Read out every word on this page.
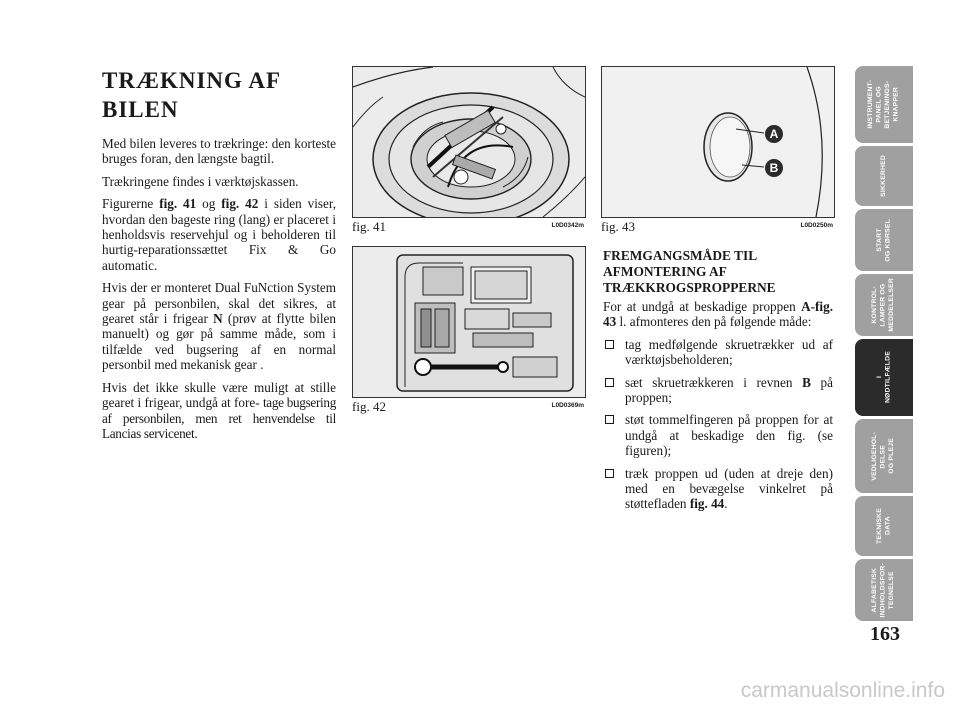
TRÆKNING AF
BILEN

Med bilen leveres to trækringe: den korteste bruges foran, den længste bagtil.

Trækringene findes i værktøjskassen.

Figurerne fig. 41 og fig. 42 i siden viser, hvordan den bageste ring (lang) er placeret i henholdsvis reservehjul og i beholderen til hurtig-reparationssættet Fix & Go automatic.

Hvis der er monteret Dual FuNction System gear på personbilen, skal det sikres, at gearet står i frigear N (prøv at flytte bilen manuelt) og gør på samme måde, som i tilfælde ved bugsering af en normal personbil med mekanisk gear .

Hvis det ikke skulle være muligt at stille gearet i frigear, undgå at fore- tage bugsering af personbilen, men ret henvendelse til Lancias servicenet.

fig. 41	L0D0342m
fig. 42	L0D0369m
A
B
fig. 43	L0D0250m
FREMGANGSMÅDE TIL
AFMONTERING AF
TRÆKKROGSPROPPERNE

For at undgå at beskadige proppen A-fig. 43 l. afmonteres den på følgende måde:

tag medfølgende skruetrækker ud af værktøjsbeholderen;
sæt skruetrækkeren i revnen B på proppen;
støt tommelfingeren på proppen for at undgå at beskadige den fig. (se figuren);
træk proppen ud (uden at dreje den) med en bevægelse vinkelret på støttefladen fig. 44.
INSTRUMENT-
PANEL OG
BETJENINGS-
KNAPPER
SIKKERHED
START
OG KØRSEL
KONTROL-
LAMPER OG
MEDDELELSER
I
NØDTILFÆLDE
VEDLIGEHOL-
DELSE
OG PLEJE
TEKNISKE
DATA
ALFABETISK
INDHOLDSFOR-
TEGNELSE
163
carmanualsonline.info
